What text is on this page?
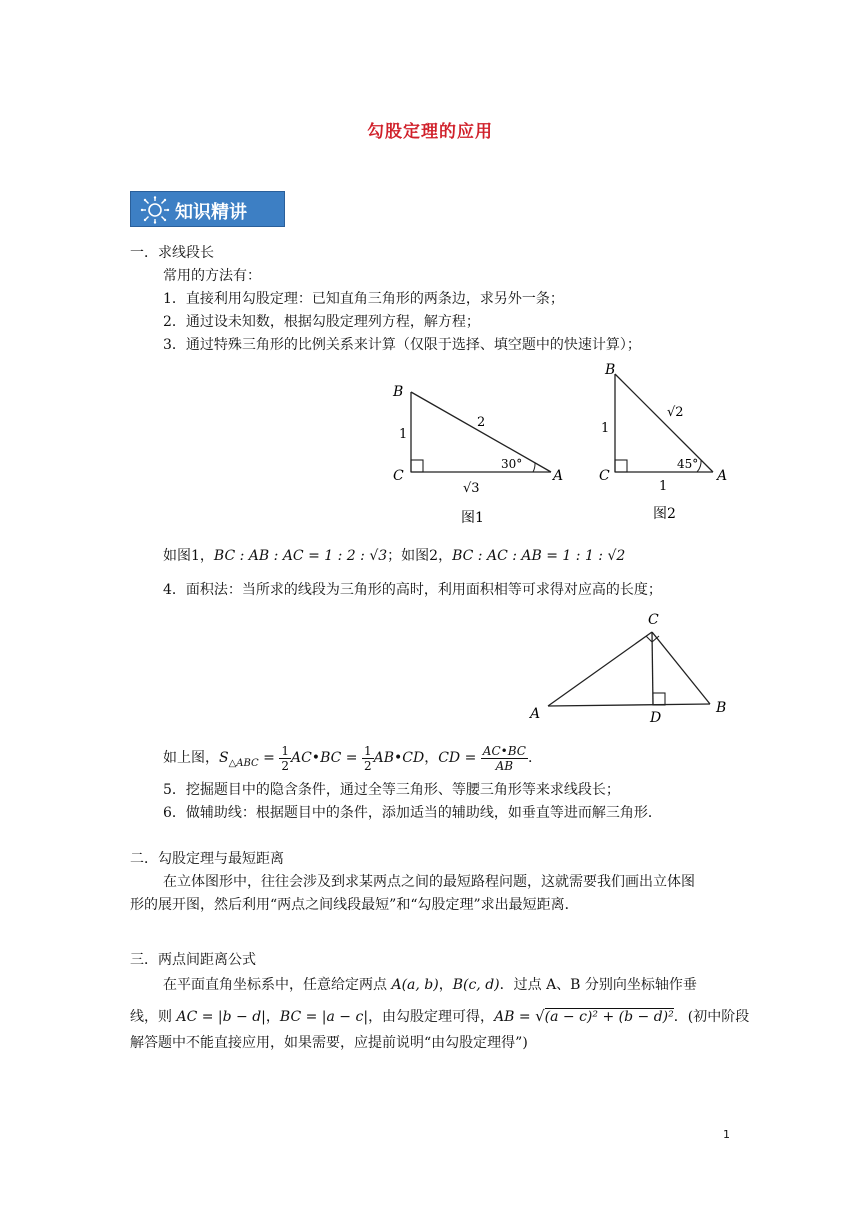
勾股定理的应用
知识精讲
一．求线段长
常用的方法有：
1．直接利用勾股定理：已知直角三角形的两条边，求另外一条；
2．通过设未知数，根据勾股定理列方程，解方程；
3．通过特殊三角形的比例关系来计算（仅限于选择、填空题中的快速计算）；
B
C	A
1
2
√3
30°
图1
B
C	A
1
√2
1
45°
图2
如图1，BC : AB : AC = 1 : 2 : √3；如图2，BC : AC : AB = 1 : 1 : √2
4．面积法：当所求的线段为三角形的高时，利用面积相等可求得对应高的长度；
C
A	B
D
如上图，$S_{\triangle ABC} = \frac{1}{2}$ AC•BC = $\frac{1}{2}$ AB•CD，CD = $\frac{AC•BC}{AB}$ .
5．挖掘题目中的隐含条件，通过全等三角形、等腰三角形等来求线段长；
6．做辅助线：根据题目中的条件，添加适当的辅助线，如垂直等进而解三角形．
二．勾股定理与最短距离
在立体图形中，往往会涉及到求某两点之间的最短路程问题，这就需要我们画出立体图
形的展开图，然后利用“两点之间线段最短”和“勾股定理”求出最短距离．
三．两点间距离公式
在平面直角坐标系中，任意给定两点 A(a, b)，B(c, d)．过点 A、B 分别向坐标轴作垂
线，则 AC = |b − d|，BC = |a − c|，由勾股定理可得，AB = √(a − c)² + (b − d)²．(初中阶段
解答题中不能直接应用，如果需要，应提前说明“由勾股定理得”)
1
